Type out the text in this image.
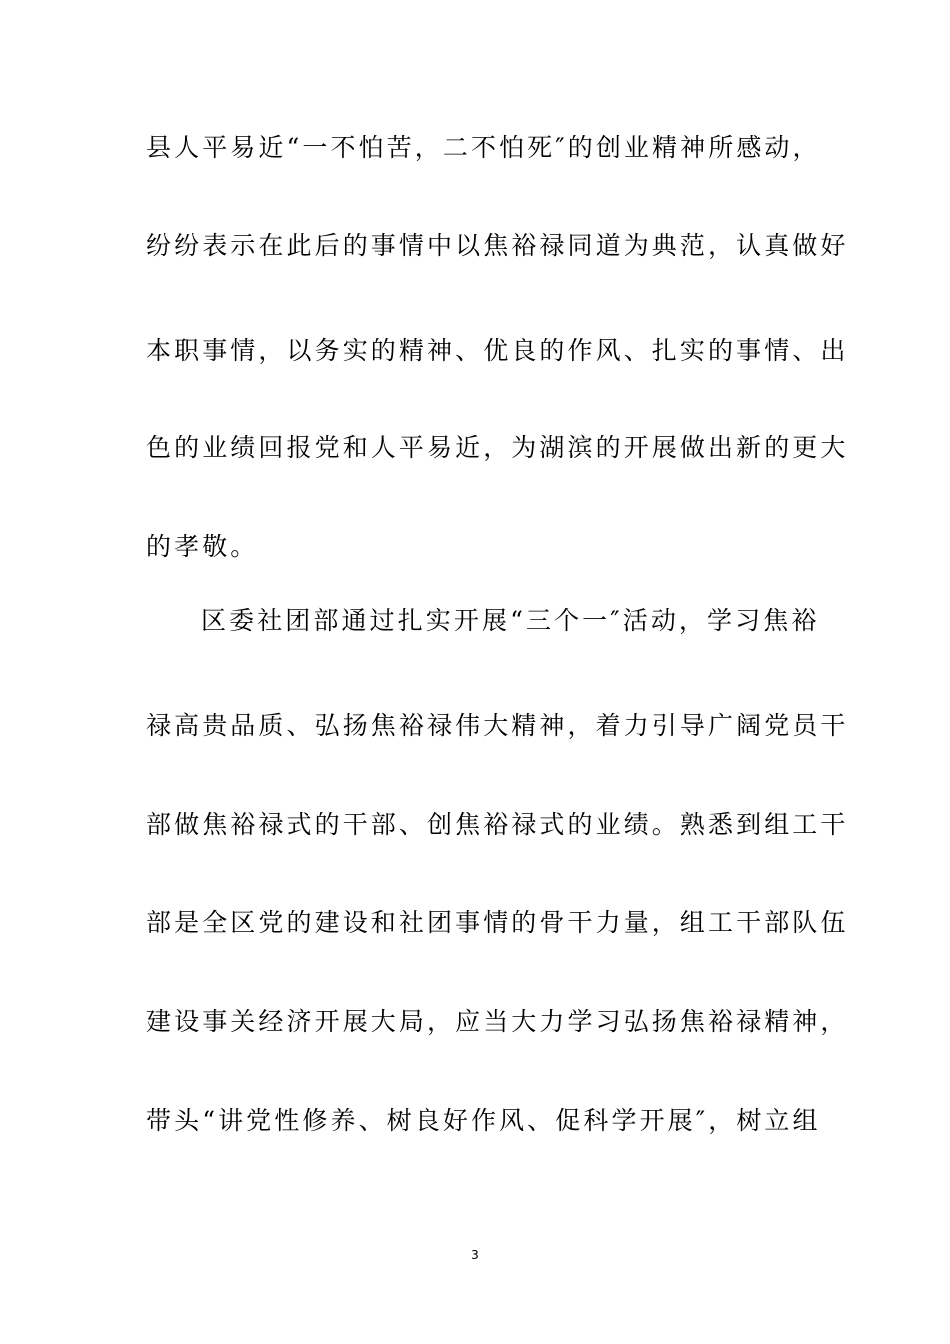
县人平易近“一不怕苦，二不怕死″的创业精神所感动，
纷纷表示在此后的事情中以焦裕禄同道为典范，认真做好
本职事情，以务实的精神、优良的作风、扎实的事情、出
色的业绩回报党和人平易近，为湖滨的开展做出新的更大
的孝敬。
区委社团部通过扎实开展“三个一″活动，学习焦裕
禄高贵品质、弘扬焦裕禄伟大精神，着力引导广阔党员干
部做焦裕禄式的干部、创焦裕禄式的业绩。熟悉到组工干
部是全区党的建设和社团事情的骨干力量，组工干部队伍
建设事关经济开展大局，应当大力学习弘扬焦裕禄精神，
带头“讲党性修养、树良好作风、促科学开展″，树立组
3
